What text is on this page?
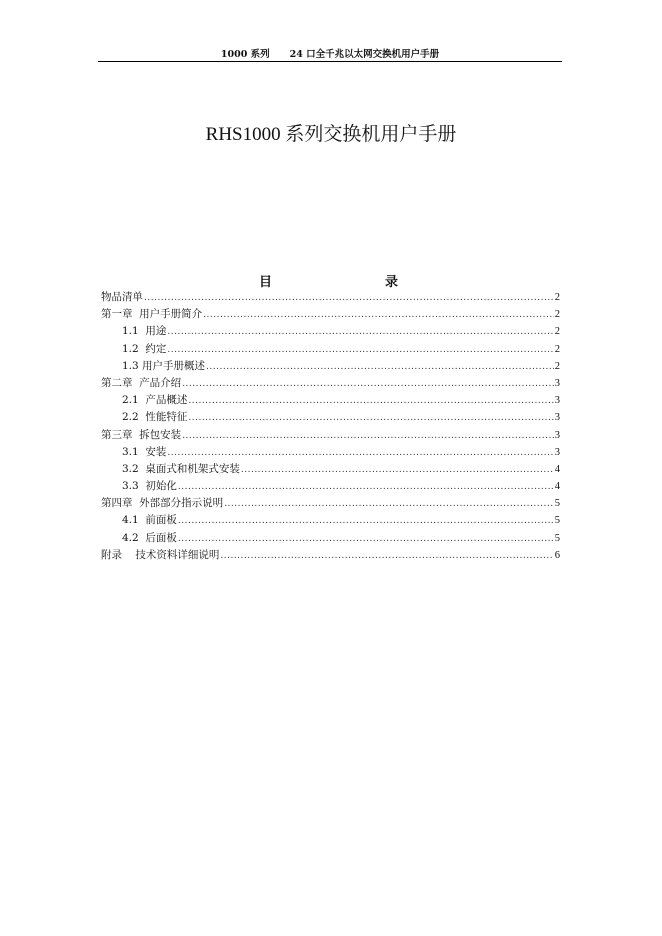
1000 系列 24 口全千兆以太网交换机用户手册
RHS1000 系列交换机用户手册
目	录
物品清单 .....	2
第一章  用户手册简介 .....	2
1.1  用途 .....	2
1.2  约定 .....	2
1.3 用户手册概述 .....	2
第二章  产品介绍 .....	3
2.1  产品概述 .....	3
2.2  性能特征 .....	3
第三章  拆包安装 .....	3
3.1  安装 .....	3
3.2  桌面式和机架式安装 .....	4
3.3  初始化 .....	4
第四章  外部部分指示说明 .....	5
4.1  前面板 .....	5
4.2  后面板 .....	5
附录    技术资料详细说明 .....	6
